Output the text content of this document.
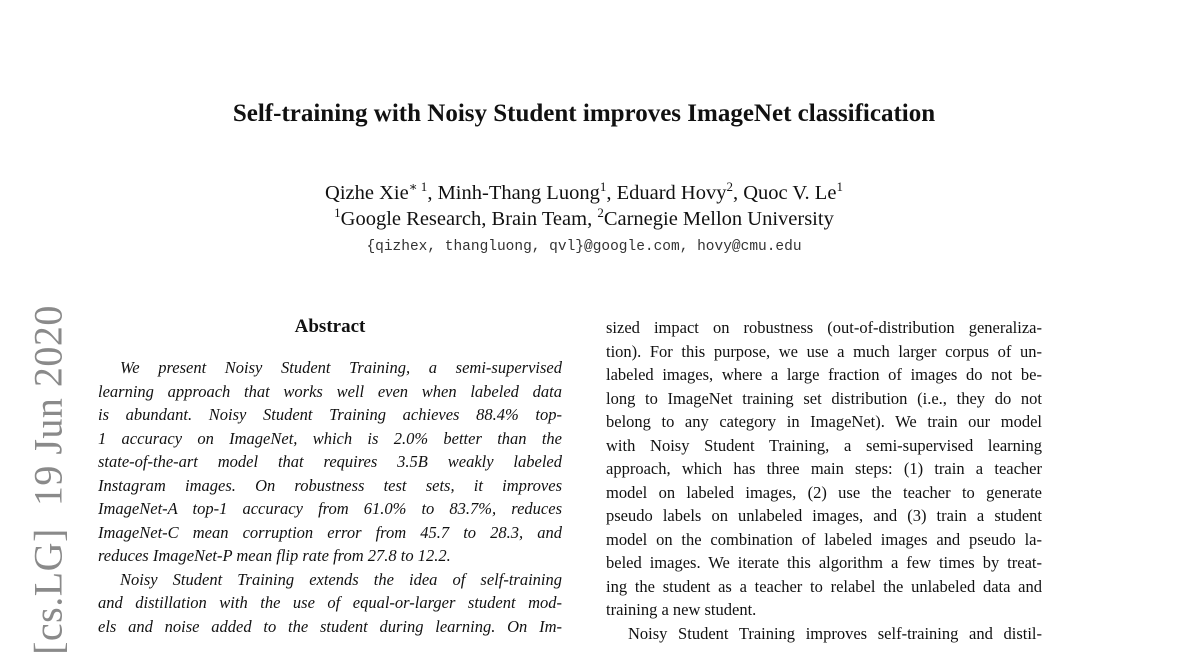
[cs.LG]19 Jun 2020
Self-training with Noisy Student improves ImageNet classification
Qizhe Xie$^{∗ 1}$, Minh-Thang Luong$^1$, Eduard Hovy$^2$, Quoc V. Le$^1$
$^1$Google Research, Brain Team, $^2$Carnegie Mellon University
{qizhex, thangluong, qvl}@google.com, hovy@cmu.edu
Abstract
We present Noisy Student Training, a semi-supervised
learning approach that works well even when labeled data
is abundant. Noisy Student Training achieves 88.4% top-
1 accuracy on ImageNet, which is 2.0% better than the
state-of-the-art model that requires 3.5B weakly labeled
Instagram images. On robustness test sets, it improves
ImageNet-A top-1 accuracy from 61.0% to 83.7%, reduces
ImageNet-C mean corruption error from 45.7 to 28.3, and
reduces ImageNet-P mean flip rate from 27.8 to 12.2.
Noisy Student Training extends the idea of self-training
and distillation with the use of equal-or-larger student mod-
els and noise added to the student during learning. On Im-
sized impact on robustness (out-of-distribution generaliza-
tion). For this purpose, we use a much larger corpus of un-
labeled images, where a large fraction of images do not be-
long to ImageNet training set distribution (i.e., they do not
belong to any category in ImageNet). We train our model
with Noisy Student Training, a semi-supervised learning
approach, which has three main steps: (1) train a teacher
model on labeled images, (2) use the teacher to generate
pseudo labels on unlabeled images, and (3) train a student
model on the combination of labeled images and pseudo la-
beled images. We iterate this algorithm a few times by treat-
ing the student as a teacher to relabel the unlabeled data and
training a new student.
Noisy Student Training improves self-training and distil-
